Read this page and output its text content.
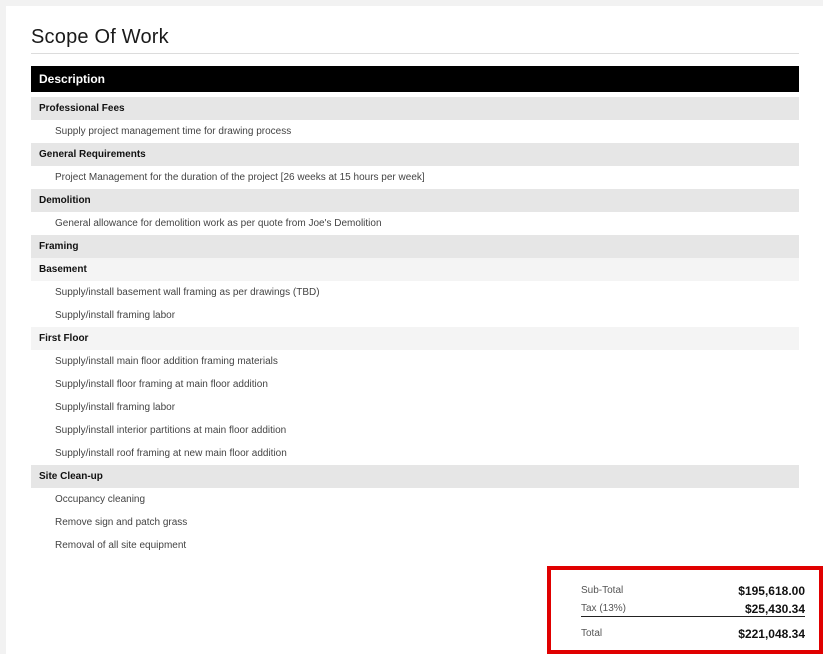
Scope Of Work
Description
Professional Fees
Supply project management time for drawing process
General Requirements
Project Management for the duration of the project [26 weeks at 15 hours per week]
Demolition
General allowance for demolition work as per quote from Joe's Demolition
Framing
Basement
Supply/install basement wall framing as per drawings (TBD)
Supply/install framing labor
First Floor
Supply/install main floor addition framing materials
Supply/install floor framing at main floor addition
Supply/install framing labor
Supply/install interior partitions at main floor addition
Supply/install roof framing at new main floor addition
Site Clean-up
Occupancy cleaning
Remove sign and patch grass
Removal of all site equipment
Sub-Total	$195,618.00
Tax (13%)	$25,430.34
Total	$221,048.34
